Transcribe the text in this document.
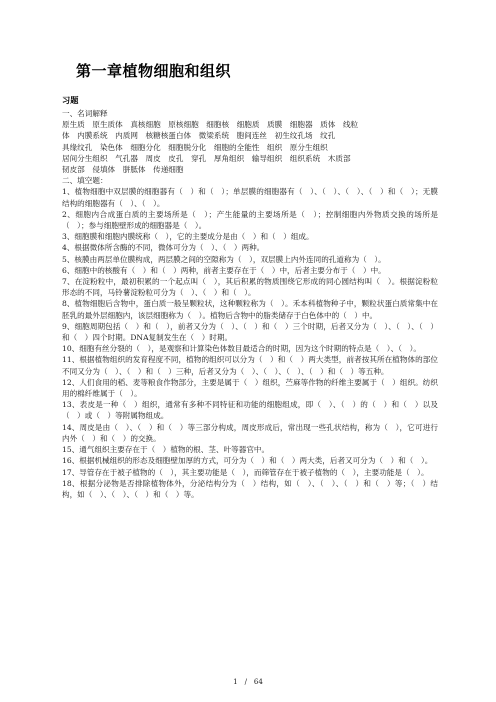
第一章植物细胞和组织
习题

一、名词解释

原生质　原生质体　真核细胞　原核细胞　细胞核　细胞质　质膜　细胞器　质体　线粒

体　内膜系统　内质网　核糖核蛋白体　微梁系统　胞间连丝　初生纹孔场　纹孔

具缘纹孔　染色体　细胞分化　细胞脱分化　细胞的全能性　组织　原分生组织

居间分生组织　气孔器　周皮　皮孔　穿孔　厚角组织　输导组织　组织系统　木质部

韧皮部　侵填体　胼胝体　传递细胞

二、填空题：

1、植物细胞中双层膜的细胞器有（　）和（　）；单层膜的细胞器有（　）、（　）、（　）、（　）和（　）；无膜结构的细胞器有（　）、（　）。

2、细胞内合成蛋白质的主要场所是（　）；产生能量的主要场所是（　）；控制细胞内外物质交换的场所是（　）；参与细胞壁形成的细胞器是（　）。

3、细胞膜和细胞内膜统称（　），它的主要成分是由（　）和（　）组成。

4、根据微体所含酶的不同，微体可分为（　）、（　）两种。

5、核膜由两层单位膜构成，两层膜之间的空隙称为（　），双层膜上内外连同的孔道称为（　）。

6、细胞中的核酸有（　）和（　）两种，前者主要存在于（　）中，后者主要分布于（　）中。

7、在淀粉粒中，最初积累的一个起点叫（　），其后积累的物质围绕它形成的同心圆结构叫（　）。根据淀粉粒形态的不同，马铃薯淀粉粒可分为（　）、（　）和（　）。

8、植物细胞后含物中，蛋白质一般呈颗粒状，这种颗粒称为（　）。禾本科植物种子中，颗粒状蛋白质常集中在胚乳的最外层细胞内，该层细胞称为（　）。植物后含物中的脂类储存于白色体中的（　）中。

9、细胞周期包括（　）和（　），前者又分为（　）、（　）和（　）三个时期，后者又分为（　）、（　）、（　）和（　）四个时期。DNA复制发生在（　）时期。

10、细胞有丝分裂的（　），是观察和计算染色体数目最适合的时期，因为这个时期的特点是（　）、（　）。

11、根据植物组织的发育程度不同，植物的组织可以分为（　）和（　）两大类型，前者按其所在植物体的部位不同又分为（　）、（　）和（　）三种，后者又分为（　）、（　）、（　）、（　）和（　）等五种。

12、人们食用的稻、麦等粮食作物部分，主要是属于（　）组织，苎麻等作物的纤维主要属于（　）组织。纺织用的棉纤维属于（　）。

13、表皮是一种（　）组织，通常有多种不同特征和功能的细胞组成，即（　）、（　）的（　）和（　）以及（　）或（　）等附属物组成。

14、周皮是由（　）、（　）和（　）等三部分构成，周皮形成后，常出现一些孔状结构，称为（　），它可进行内外（　）和（　）的交换。

15、通气组织主要存在于（　）植物的根、茎、叶等器官中。

16、根据机械组织的形态及细胞壁加厚的方式，可分为（　）和（　）两大类，后者又可分为（　）和（　）。

17、导管存在于被子植物的（　），其主要功能是（　），而筛管存在于被子植物的（　），主要功能是（　）。

18、根据分泌物是否排除植物体外，分泌结构分为（　）结构，如（　）、（　）、（　）和（　）等；（　）结构，如（　）、（　）、（　）和（　）等。

1　/　64
